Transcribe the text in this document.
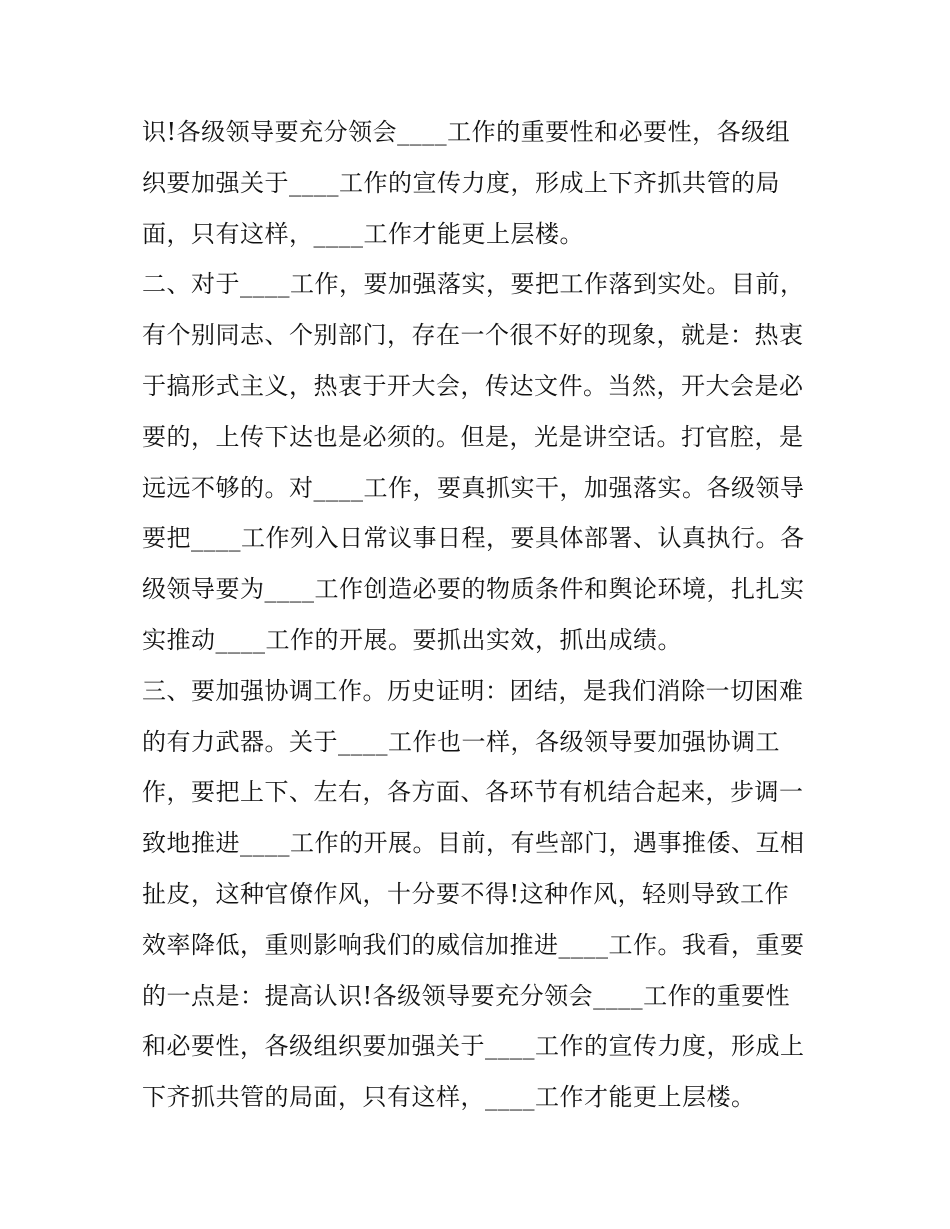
识!各级领导要充分领会____工作的重要性和必要性，各级组
织要加强关于____工作的宣传力度，形成上下齐抓共管的局
面，只有这样，____工作才能更上层楼。
二、对于____工作，要加强落实，要把工作落到实处。目前，
有个别同志、个别部门，存在一个很不好的现象，就是：热衷
于搞形式主义，热衷于开大会，传达文件。当然，开大会是必
要的，上传下达也是必须的。但是，光是讲空话。打官腔，是
远远不够的。对____工作，要真抓实干，加强落实。各级领导
要把____工作列入日常议事日程，要具体部署、认真执行。各
级领导要为____工作创造必要的物质条件和舆论环境，扎扎实
实推动____工作的开展。要抓出实效，抓出成绩。
三、要加强协调工作。历史证明：团结，是我们消除一切困难
的有力武器。关于____工作也一样，各级领导要加强协调工
作，要把上下、左右，各方面、各环节有机结合起来，步调一
致地推进____工作的开展。目前，有些部门，遇事推倭、互相
扯皮，这种官僚作风，十分要不得!这种作风，轻则导致工作
效率降低，重则影响我们的威信加推进____工作。我看，重要
的一点是：提高认识!各级领导要充分领会____工作的重要性
和必要性，各级组织要加强关于____工作的宣传力度，形成上
下齐抓共管的局面，只有这样，____工作才能更上层楼。
